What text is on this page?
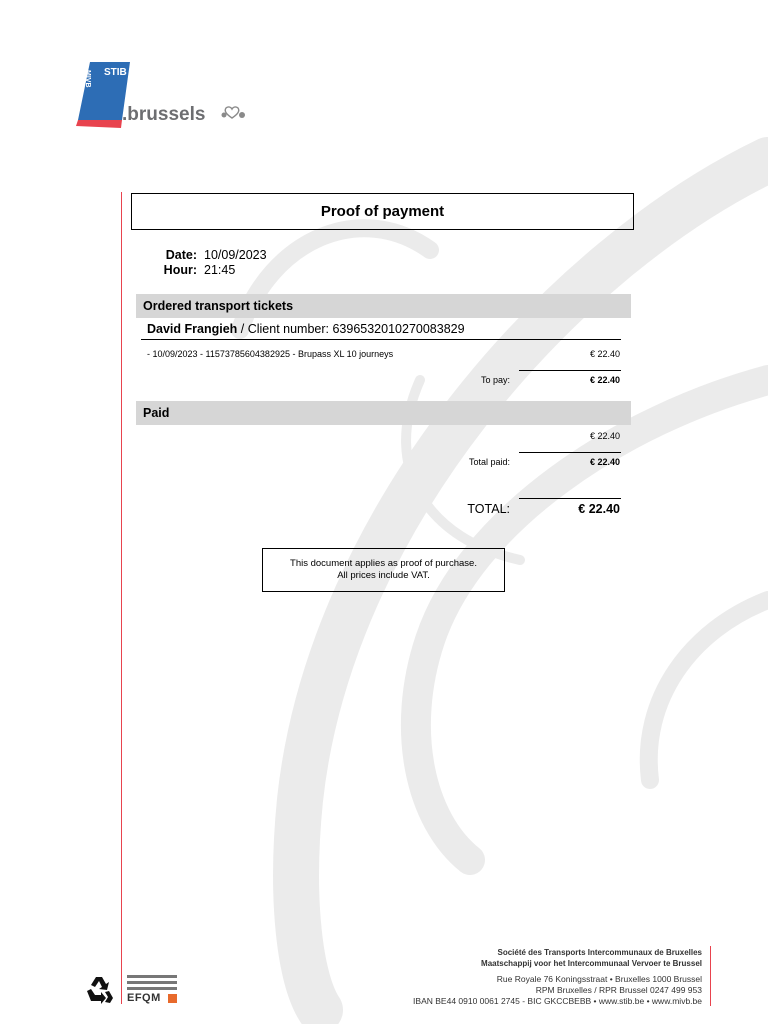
STIB
MIVB
.brussels
Proof of payment
Date: 10/09/2023
Hour: 21:45
Ordered transport tickets
David Frangieh / Client number: 6396532010270083829
- 10/09/2023 - 11573785604382925 - Brupass XL 10 journeys	€ 22.40
To pay:	€ 22.40
Paid
€ 22.40
Total paid:	€ 22.40
TOTAL:	€ 22.40
This document applies as proof of purchase.
All prices include VAT.
Société des Transports Intercommunaux de Bruxelles
Maatschappij voor het Intercommunaal Vervoer te Brussel
Rue Royale 76 Koningsstraat • Bruxelles 1000 Brussel
RPM Bruxelles / RPR Brussel 0247 499 953
IBAN BE44 0910 0061 2745 - BIC GKCCBEBB • www.stib.be • www.mivb.be
EFQM
